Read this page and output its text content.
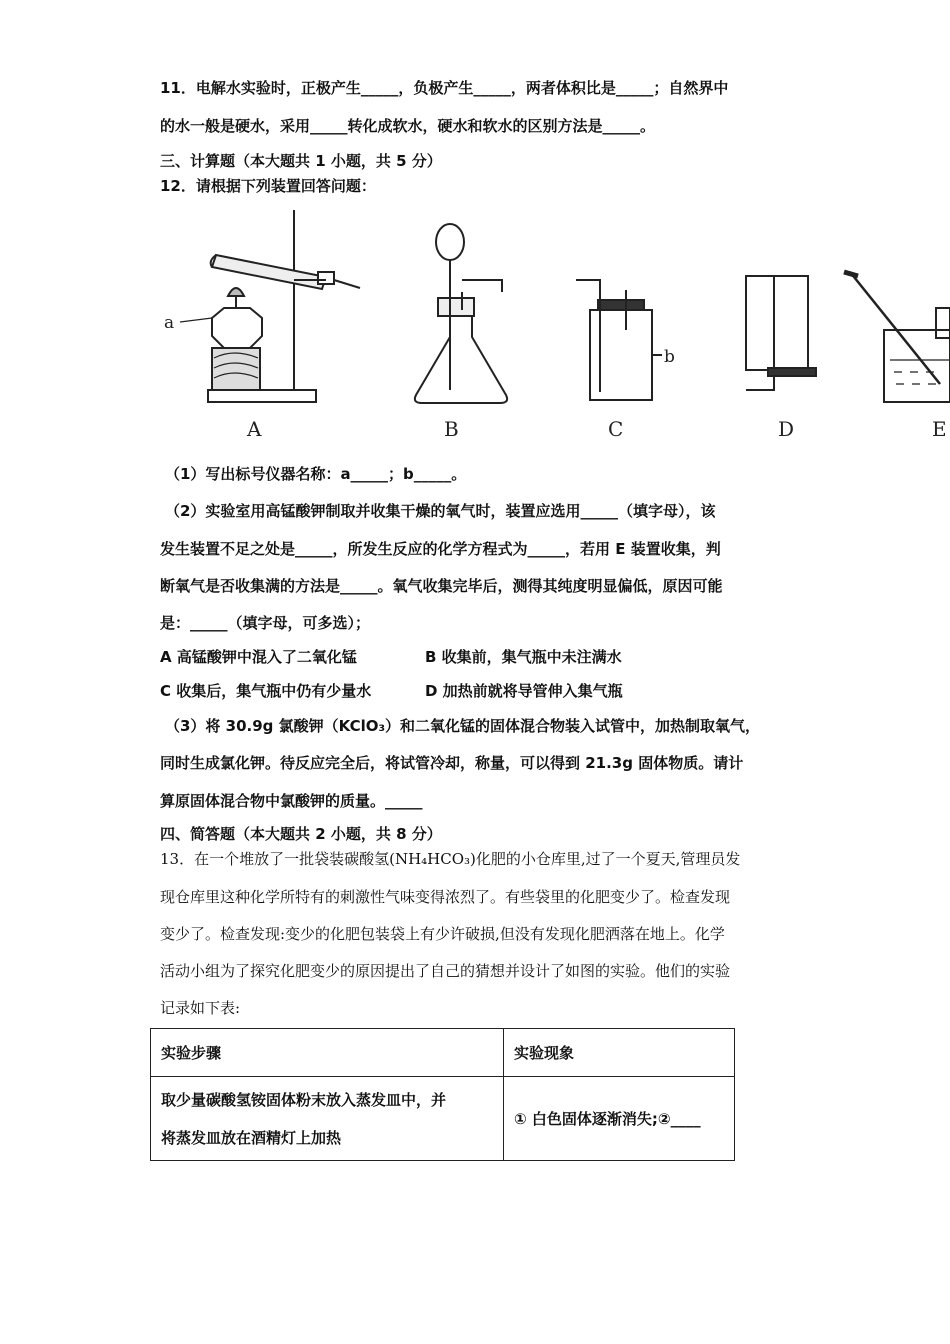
11．电解水实验时，正极产生_____，负极产生_____，两者体积比是_____；自然界中
的水一般是硬水，采用_____转化成软水，硬水和软水的区别方法是_____。
三、计算题（本大题共 1 小题，共 5 分）
12．请根据下列装置回答问题：
A	B	C	D	E
a
b
（1）写出标号仪器名称：a_____；b_____。
（2）实验室用高锰酸钾制取并收集干燥的氧气时，装置应选用_____（填字母），该
发生装置不足之处是_____，所发生反应的化学方程式为_____，若用 E 装置收集，判
断氧气是否收集满的方法是_____。氧气收集完毕后，测得其纯度明显偏低，原因可能
是：_____（填字母，可多选）；
A 高锰酸钾中混入了二氧化锰	B 收集前，集气瓶中未注满水
C 收集后，集气瓶中仍有少量水	D 加热前就将导管伸入集气瓶
（3）将 30.9g 氯酸钾（KClO₃）和二氧化锰的固体混合物装入试管中，加热制取氧气，
同时生成氯化钾。待反应完全后，将试管冷却，称量，可以得到 21.3g 固体物质。请计
算原固体混合物中氯酸钾的质量。_____
四、简答题（本大题共 2 小题，共 8 分）
13．在一个堆放了一批袋装碳酸氢(NH₄HCO₃)化肥的小仓库里,过了一个夏天,管理员发
现仓库里这种化学所特有的刺激性气味变得浓烈了。有些袋里的化肥变少了。检查发现
变少了。检查发现:变少的化肥包装袋上有少许破损,但没有发现化肥洒落在地上。化学
活动小组为了探究化肥变少的原因提出了自己的猜想并设计了如图的实验。他们的实验
记录如下表:
实验步骤	实验现象

取少量碳酸氢铵固体粉末放入蒸发皿中，并
将蒸发皿放在酒精灯上加热	① 白色固体逐渐消失;②____
